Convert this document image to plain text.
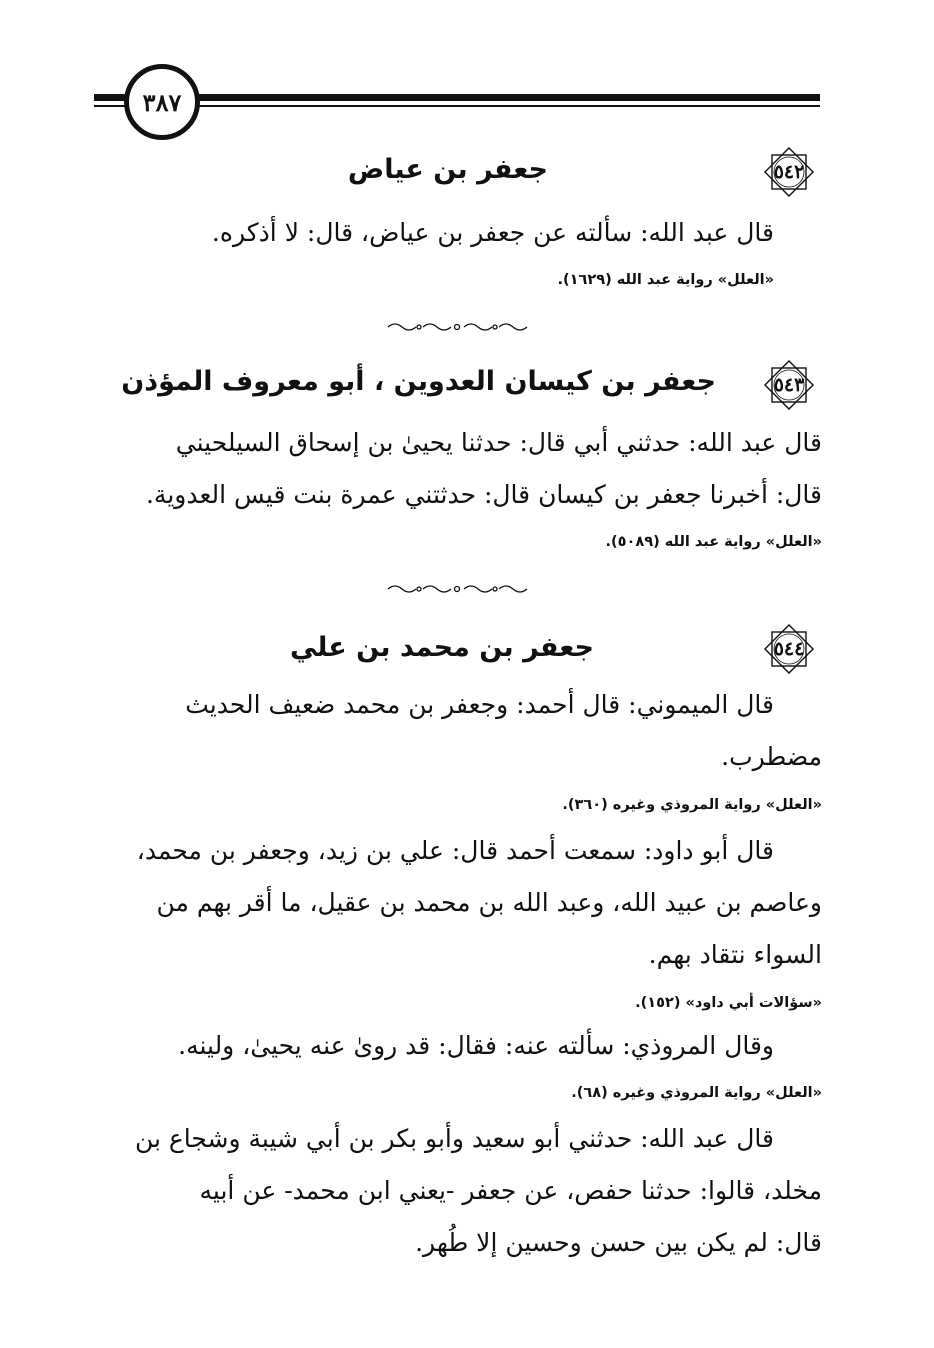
٣٨٧
٥٤٢
جعفر بن عياض
قال عبد الله: سألته عن جعفر بن عياض، قال: لا أذكره.
«العلل» رواية عبد الله (١٦٢٩).
٥٤٣
جعفر بن كيسان العدوين ، أبو معروف المؤذن
قال عبد الله: حدثني أبي قال: حدثنا يحيىٰ بن إسحاق السيلحيني
قال: أخبرنا جعفر بن كيسان قال: حدثتني عمرة بنت قيس العدوية.
«العلل» رواية عبد الله (٥٠٨٩).
٥٤٤
جعفر بن محمد بن علي
قال الميموني: قال أحمد: وجعفر بن محمد ضعيف الحديث
مضطرب.
«العلل» رواية المروذي وغيره (٣٦٠).
قال أبو داود: سمعت أحمد قال: علي بن زيد، وجعفر بن محمد،
وعاصم بن عبيد الله، وعبد الله بن محمد بن عقيل، ما أقر بهم من
السواء نتقاد بهم.
«سؤالات أبي داود» (١٥٢).
وقال المروذي: سألته عنه: فقال: قد روىٰ عنه يحيىٰ، ولينه.
«العلل» رواية المروذي وغيره (٦٨).
قال عبد الله: حدثني أبو سعيد وأبو بكر بن أبي شيبة وشجاع بن
مخلد، قالوا: حدثنا حفص، عن جعفر -يعني ابن محمد- عن أبيه
قال: لم يكن بين حسن وحسين إلا طُهر.
